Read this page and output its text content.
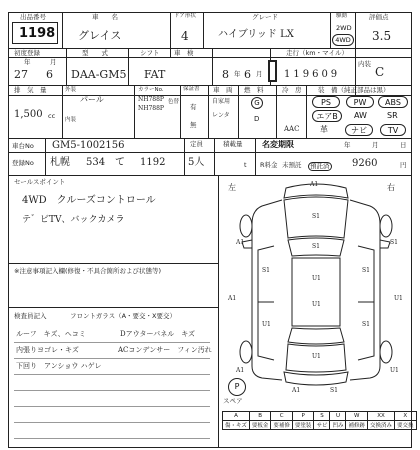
出品番号
1198
車　　名
グレイス
ドア形状
4
グレード
ハイブリッド LX
駆動
2WD
4WD
評価点
3.5
初度登録
年	月
型　　式	シフト 車　検	走行（km・マイル）
27 6 DAA-GM5 FAT	8 年 6 月 119609
内装
C
排　気　量
1,500 cc
外装
パール
内装
カラーNo.
NH788P
NH788P
色替
保証書
有
無
車　両
自家用
レンタ
燃　料
G
D
冷　房
AAC
装　備（純正部品は黒）
PS	PW	ABS
エアB	AW	SR
革	ナビ	TV
車台No GM5-1002156
登録No 札幌 534 て 1192
定員
5人
積載量
t
名変期限	年	月	日
R料金 未預託	預託済 9260	円
セールスポイント
4WD　クルーズコントロール
テ゛ビTV、バックカメラ
※注意事項記入欄(修復・不具合箇所および状態等)
検査員記入	フロントガラス（A・要交・X要交）
ルーフ　キズ、ヘコミ	Dアウターパネル　キズ
内張りヨゴレ・キズ	ACコンデンサー　フィン汚れ
下回り　アンショウ ハゲレ
左	右
A1
S1
S1
U1
U1
S1	S1
U1	S1
U1
A1	S1
A1	U1
A1	U1
A1	S1
P
スペア
A	B	C	P	S	U	W	XX	X
傷・キズ	要板金	要補修	要塗装	サビ	凹み	補修跡	交換済み	要交換
